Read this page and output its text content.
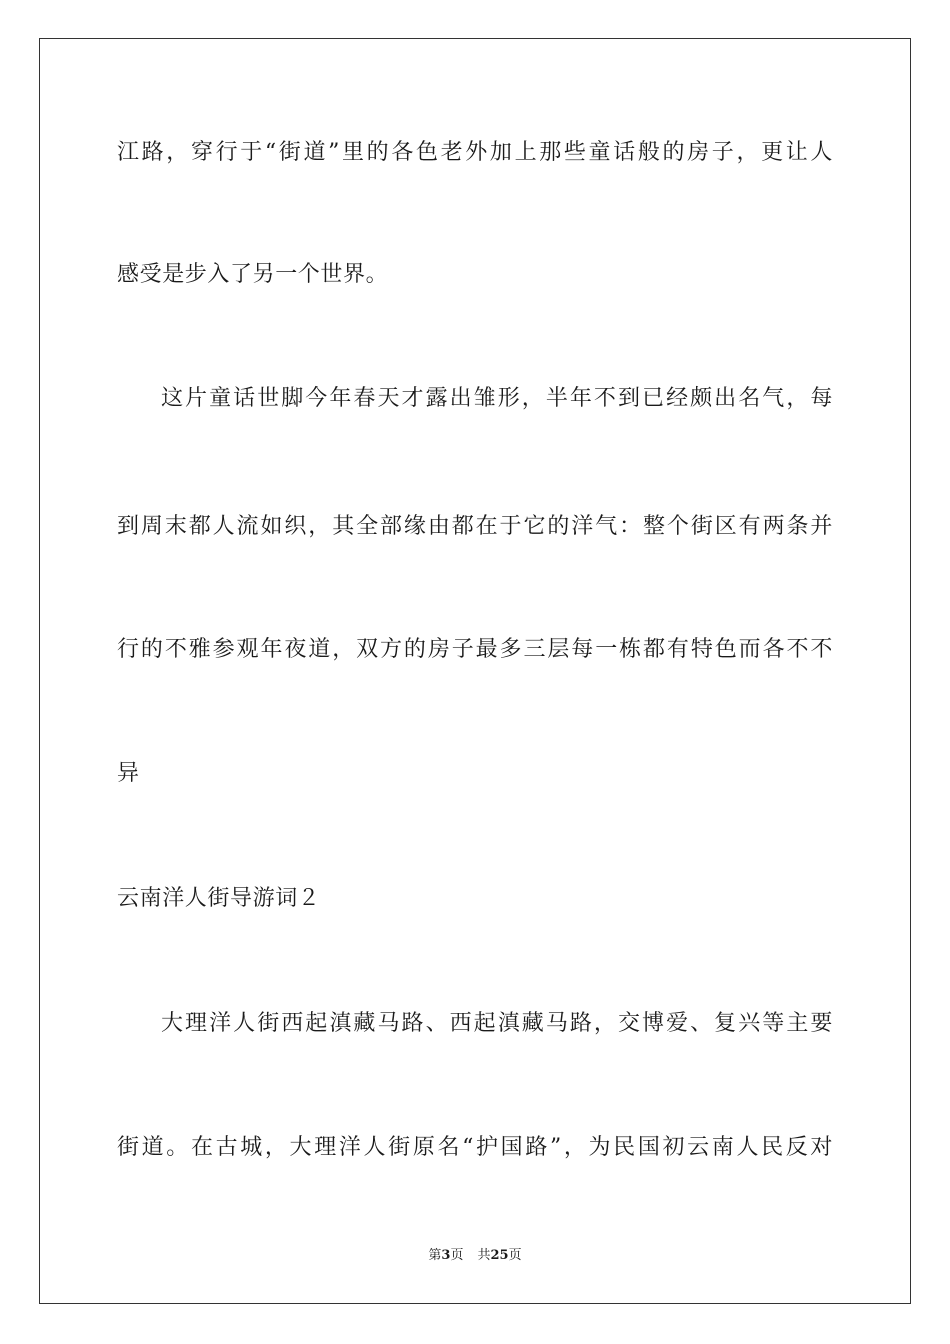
江路，穿行于“街道”里的各色老外加上那些童话般的房子，更让人
感受是步入了另一个世界。
这片童话世脚今年春天才露出雏形，半年不到已经颇出名气，每
到周末都人流如织，其全部缘由都在于它的洋气：整个街区有两条并
行的不雅参观年夜道，双方的房子最多三层每一栋都有特色而各不不
异
云南洋人街导游词２
大理洋人街西起滇藏马路、西起滇藏马路，交博爱、复兴等主要
街道。在古城，大理洋人街原名“护国路”，为民国初云南人民反对
第3页 共25页
